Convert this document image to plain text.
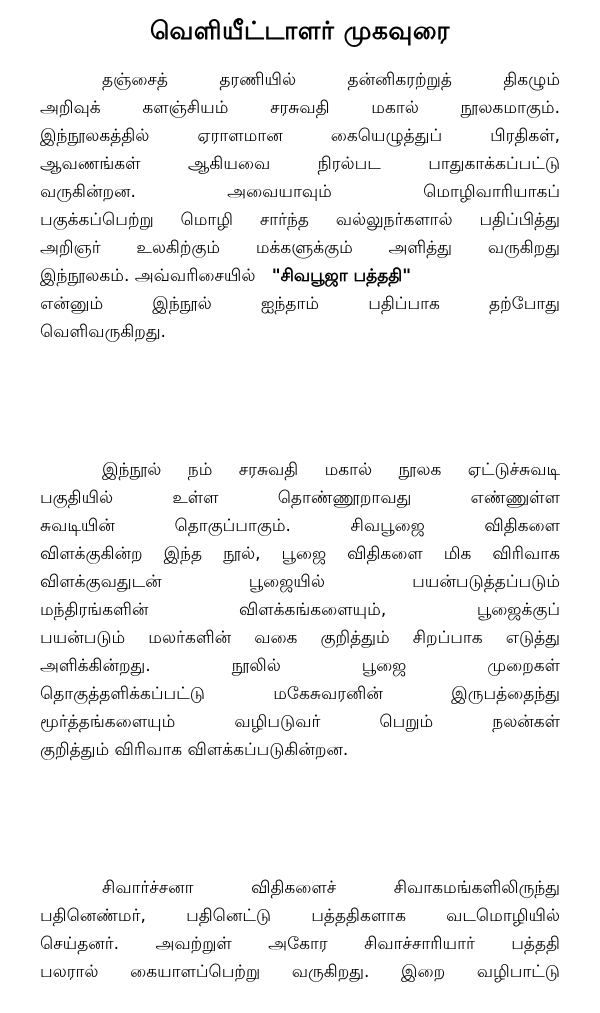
வெளியீட்டாளர் முகவுரை
தஞ்சைத் தரணியில் தன்னிகரற்றுத் திகழும்
அறிவுக் களஞ்சியம் சரசுவதி மகால் நூலகமாகும்.
இந்நூலகத்தில் ஏராளமான கையெழுத்துப் பிரதிகள்,
ஆவணங்கள் ஆகியவை நிரல்பட பாதுகாக்கப்பட்டு
வருகின்றன. அவையாவும் மொழிவாரியாகப்
பகுக்கப்பெற்று மொழி சார்ந்த வல்லுநர்களால் பதிப்பித்து
அறிஞர் உலகிற்கும் மக்களுக்கும் அளித்து வருகிறது
இந்நூலகம். அவ்வரிசையில் "சிவபூஜா பத்ததி"
என்னும் இந்நூல் ஐந்தாம் பதிப்பாக தற்போது
வெளிவருகிறது.
இந்நூல் நம் சரசுவதி மகால் நூலக ஏட்டுச்சுவடி
பகுதியில் உள்ள தொண்ணூறாவது எண்ணுள்ள
சுவடியின் தொகுப்பாகும். சிவபூஜை விதிகளை
விளக்குகின்ற இந்த நூல், பூஜை விதிகளை மிக விரிவாக
விளக்குவதுடன் பூஜையில் பயன்படுத்தப்படும்
மந்திரங்களின் விளக்கங்களையும், பூஜைக்குப்
பயன்படும் மலர்களின் வகை குறித்தும் சிறப்பாக எடுத்து
அளிக்கின்றது. நூலில் பூஜை முறைகள்
தொகுத்தளிக்கப்பட்டு மகேசுவரனின் இருபத்தைந்து
மூர்த்தங்களையும் வழிபடுவர் பெறும் நலன்கள்
குறித்தும் விரிவாக விளக்கப்படுகின்றன.
சிவார்ச்சனா விதிகளைச் சிவாகமங்களிலிருந்து
பதினெண்மர், பதினெட்டு பத்ததிகளாக வடமொழியில்
செய்தனர். அவற்றுள் அகோர சிவாச்சாரியார் பத்ததி
பலரால் கையாளப்பெற்று வருகிறது. இறை வழிபாட்டு
